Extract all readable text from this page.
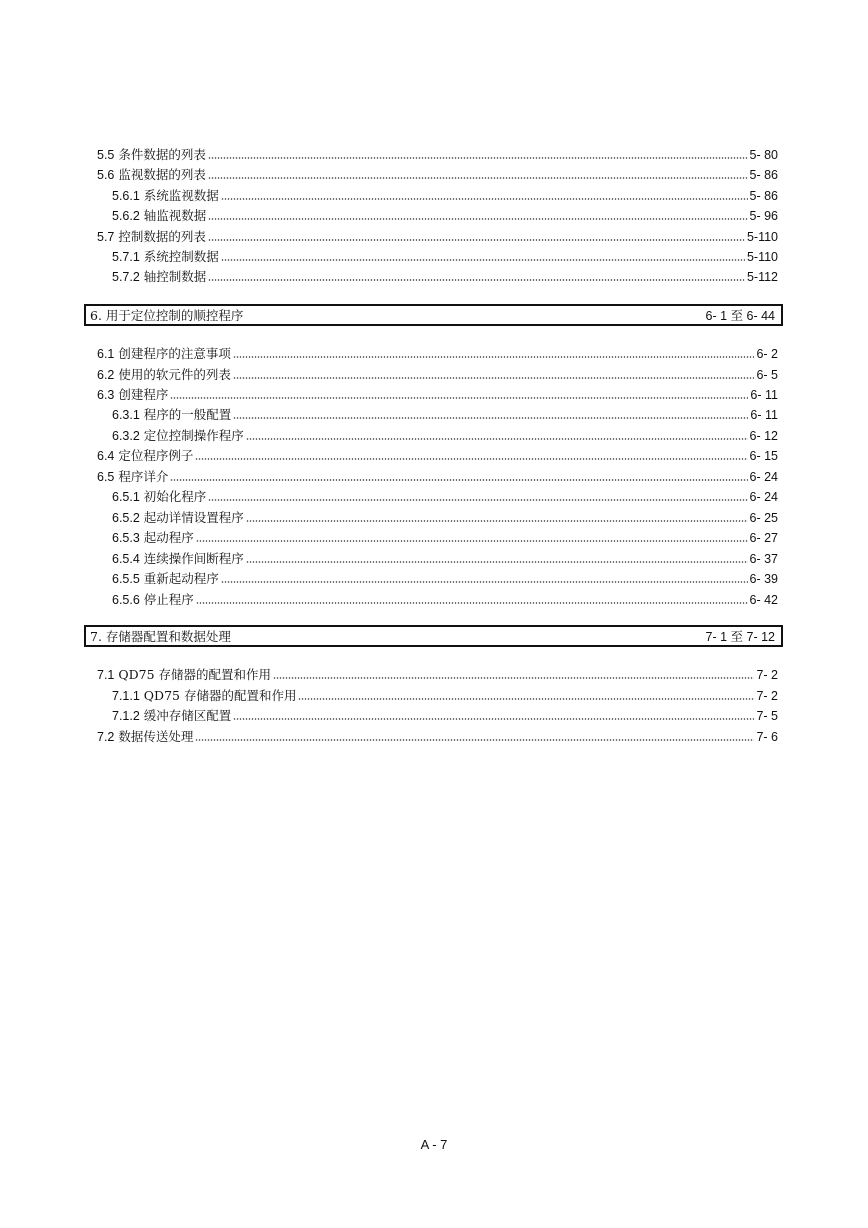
5.5 条件数据的列表	5- 80
5.6 监视数据的列表	5- 86
5.6.1 系统监视数据	5- 86
5.6.2 轴监视数据	5- 96
5.7 控制数据的列表	5-110
5.7.1 系统控制数据	5-110
5.7.2 轴控制数据	5-112
6. 用于定位控制的顺控程序	6- 1 至 6- 44
6.1 创建程序的注意事项	6- 2
6.2 使用的软元件的列表	6- 5
6.3 创建程序	6- 11
6.3.1 程序的一般配置	6- 11
6.3.2 定位控制操作程序	6- 12
6.4 定位程序例子	6- 15
6.5 程序详介	6- 24
6.5.1 初始化程序	6- 24
6.5.2 起动详情设置程序	6- 25
6.5.3 起动程序	6- 27
6.5.4 连续操作间断程序	6- 37
6.5.5 重新起动程序	6- 39
6.5.6 停止程序	6- 42
7. 存储器配置和数据处理	7- 1 至 7- 12
7.1 QD75 存储器的配置和作用	7- 2
7.1.1 QD75 存储器的配置和作用	7- 2
7.1.2 缓冲存储区配置	7- 5
7.2 数据传送处理	7- 6
A - 7
